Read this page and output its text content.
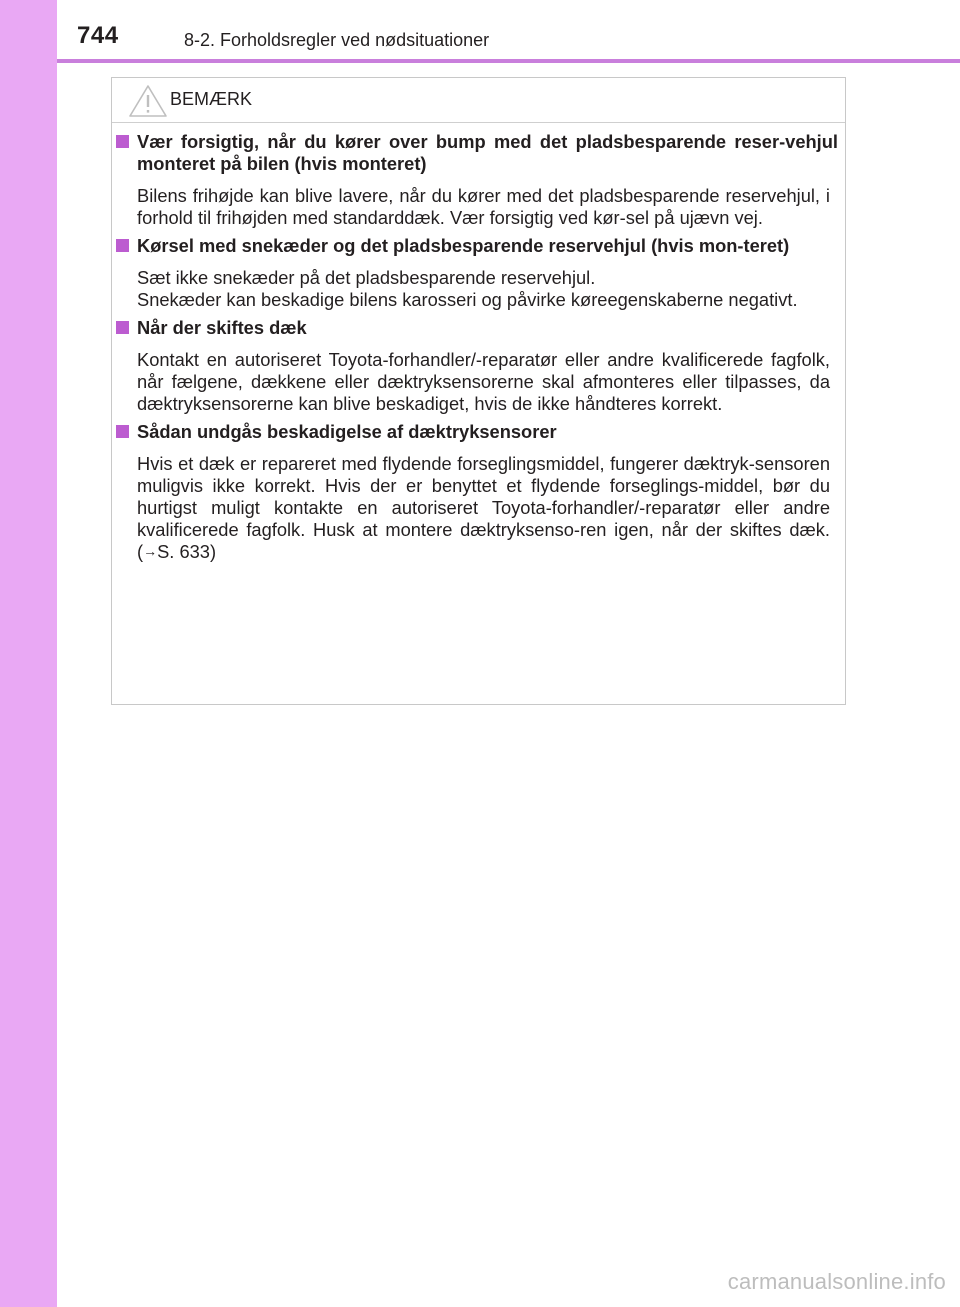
744	8-2. Forholdsregler ved nødsituationer
BEMÆRK
Vær forsigtig, når du kører over bump med det pladsbesparende reser-vehjul monteret på bilen (hvis monteret)

Bilens frihøjde kan blive lavere, når du kører med det pladsbesparende reservehjul, i forhold til frihøjden med standarddæk. Vær forsigtig ved kør-sel på ujævn vej.

Kørsel med snekæder og det pladsbesparende reservehjul (hvis mon-teret)

Sæt ikke snekæder på det pladsbesparende reservehjul.

Snekæder kan beskadige bilens karosseri og påvirke køreegenskaberne negativt.

Når der skiftes dæk

Kontakt en autoriseret Toyota-forhandler/-reparatør eller andre kvalificerede fagfolk, når fælgene, dækkene eller dæktryksensorerne skal afmonteres eller tilpasses, da dæktryksensorerne kan blive beskadiget, hvis de ikke håndteres korrekt.

Sådan undgås beskadigelse af dæktryksensorer

Hvis et dæk er repareret med flydende forseglingsmiddel, fungerer dæktryk-sensoren muligvis ikke korrekt. Hvis der er benyttet et flydende forseglings-middel, bør du hurtigst muligt kontakte en autoriseret Toyota-forhandler/-reparatør eller andre kvalificerede fagfolk. Husk at montere dæktryksenso-ren igen, når der skiftes dæk. (→S. 633)

carmanualsonline.info
